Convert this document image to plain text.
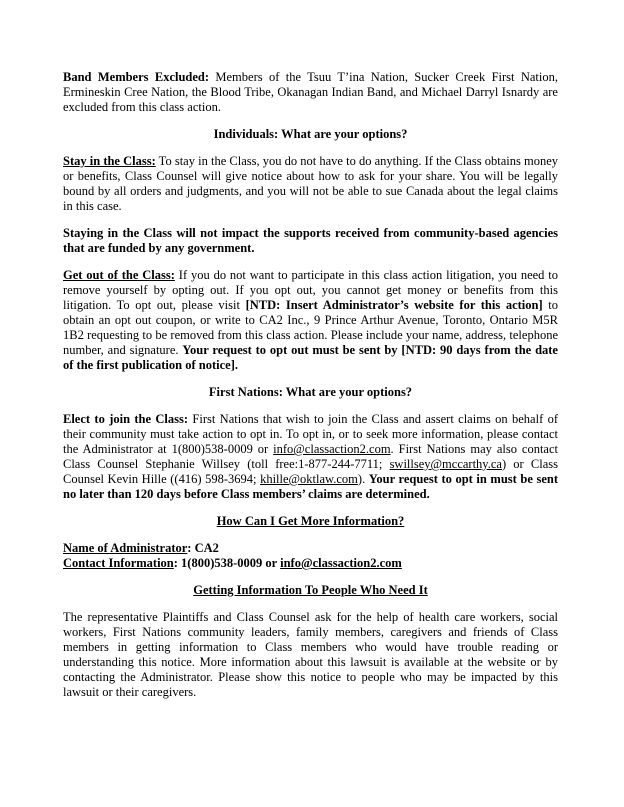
Band Members Excluded: Members of the Tsuu T’ina Nation, Sucker Creek First Nation, Ermineskin Cree Nation, the Blood Tribe, Okanagan Indian Band, and Michael Darryl Isnardy are excluded from this class action.

Individuals: What are your options?

Stay in the Class: To stay in the Class, you do not have to do anything. If the Class obtains money or benefits, Class Counsel will give notice about how to ask for your share. You will be legally bound by all orders and judgments, and you will not be able to sue Canada about the legal claims in this case.

Staying in the Class will not impact the supports received from community-based agencies that are funded by any government.

Get out of the Class: If you do not want to participate in this class action litigation, you need to remove yourself by opting out. If you opt out, you cannot get money or benefits from this litigation. To opt out, please visit [NTD: Insert Administrator’s website for this action] to obtain an opt out coupon, or write to CA2 Inc., 9 Prince Arthur Avenue, Toronto, Ontario M5R 1B2 requesting to be removed from this class action. Please include your name, address, telephone number, and signature. Your request to opt out must be sent by [NTD: 90 days from the date of the first publication of notice].

First Nations: What are your options?

Elect to join the Class: First Nations that wish to join the Class and assert claims on behalf of their community must take action to opt in. To opt in, or to seek more information, please contact the Administrator at 1(800)538-0009 or info@classaction2.com. First Nations may also contact Class Counsel Stephanie Willsey (toll free:1-877-244-7711; swillsey@mccarthy.ca) or Class Counsel Kevin Hille ((416) 598-3694; khille@oktlaw.com). Your request to opt in must be sent no later than 120 days before Class members’ claims are determined.

How Can I Get More Information?

Name of Administrator: CA2

Contact Information: 1(800)538-0009 or info@classaction2.com

Getting Information To People Who Need It

The representative Plaintiffs and Class Counsel ask for the help of health care workers, social workers, First Nations community leaders, family members, caregivers and friends of Class members in getting information to Class members who would have trouble reading or understanding this notice. More information about this lawsuit is available at the website or by contacting the Administrator. Please show this notice to people who may be impacted by this lawsuit or their caregivers.
